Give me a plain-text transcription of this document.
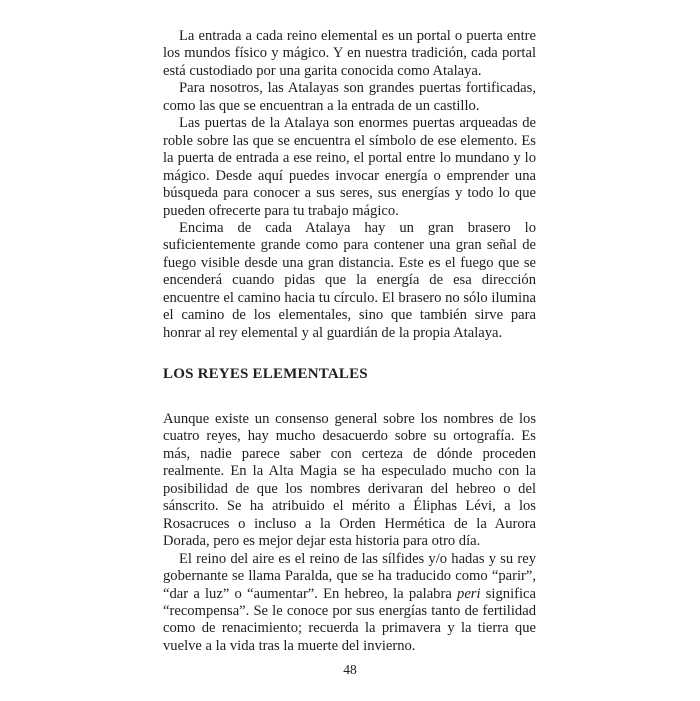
La entrada a cada reino elemental es un portal o puerta entre los mundos físico y mágico. Y en nuestra tradición, cada portal está custodiado por una garita conocida como Atalaya.

Para nosotros, las Atalayas son grandes puertas fortificadas, como las que se encuentran a la entrada de un castillo.

Las puertas de la Atalaya son enormes puertas arqueadas de roble sobre las que se encuentra el símbolo de ese elemento. Es la puerta de entrada a ese reino, el portal entre lo mundano y lo mágico. Desde aquí puedes invocar energía o emprender una búsqueda para conocer a sus seres, sus energías y todo lo que pueden ofrecerte para tu trabajo mágico.

Encima de cada Atalaya hay un gran brasero lo suficientemente grande como para contener una gran señal de fuego visible desde una gran distancia. Este es el fuego que se encenderá cuando pidas que la energía de esa dirección encuentre el camino hacia tu círculo. El brasero no sólo ilumina el camino de los elementales, sino que también sirve para honrar al rey elemental y al guardián de la propia Atalaya.

LOS REYES ELEMENTALES

Aunque existe un consenso general sobre los nombres de los cuatro reyes, hay mucho desacuerdo sobre su ortografía. Es más, nadie parece saber con certeza de dónde proceden realmente. En la Alta Magia se ha especulado mucho con la posibilidad de que los nombres derivaran del hebreo o del sánscrito. Se ha atribuido el mérito a Éliphas Lévi, a los Rosacruces o incluso a la Orden Hermética de la Aurora Dorada, pero es mejor dejar esta historia para otro día.

El reino del aire es el reino de las sílfides y/o hadas y su rey gobernante se llama Paralda, que se ha traducido como “parir”, “dar a luz” o “aumentar”. En hebreo, la palabra peri significa “recompensa”. Se le conoce por sus energías tanto de fertilidad como de renacimiento; recuerda la primavera y la tierra que vuelve a la vida tras la muerte del invierno.

48
